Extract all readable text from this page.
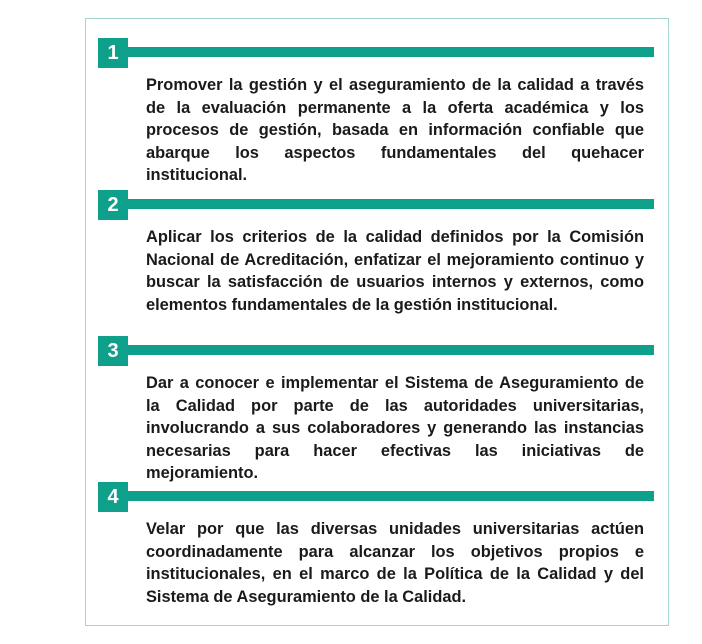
1

Promover la gestión y el aseguramiento de la calidad a través de la evaluación permanente a la oferta académica y los procesos de gestión, basada en información confiable que abarque los aspectos fundamentales del quehacer institucional.

2

Aplicar los criterios de la calidad definidos por la Comisión Nacional de Acreditación, enfatizar el mejoramiento continuo y buscar la satisfacción de usuarios internos y externos, como elementos fundamentales de la gestión institucional.

3

Dar a conocer e implementar el Sistema de Aseguramiento de la Calidad por parte de las autoridades universitarias, involucrando a sus colaboradores y generando las instancias necesarias para hacer efectivas las iniciativas de mejoramiento.

4

Velar por que las diversas unidades universitarias actúen coordinadamente para alcanzar los objetivos propios e institucionales, en el marco de la Política de la Calidad y del Sistema de Aseguramiento de la Calidad.
